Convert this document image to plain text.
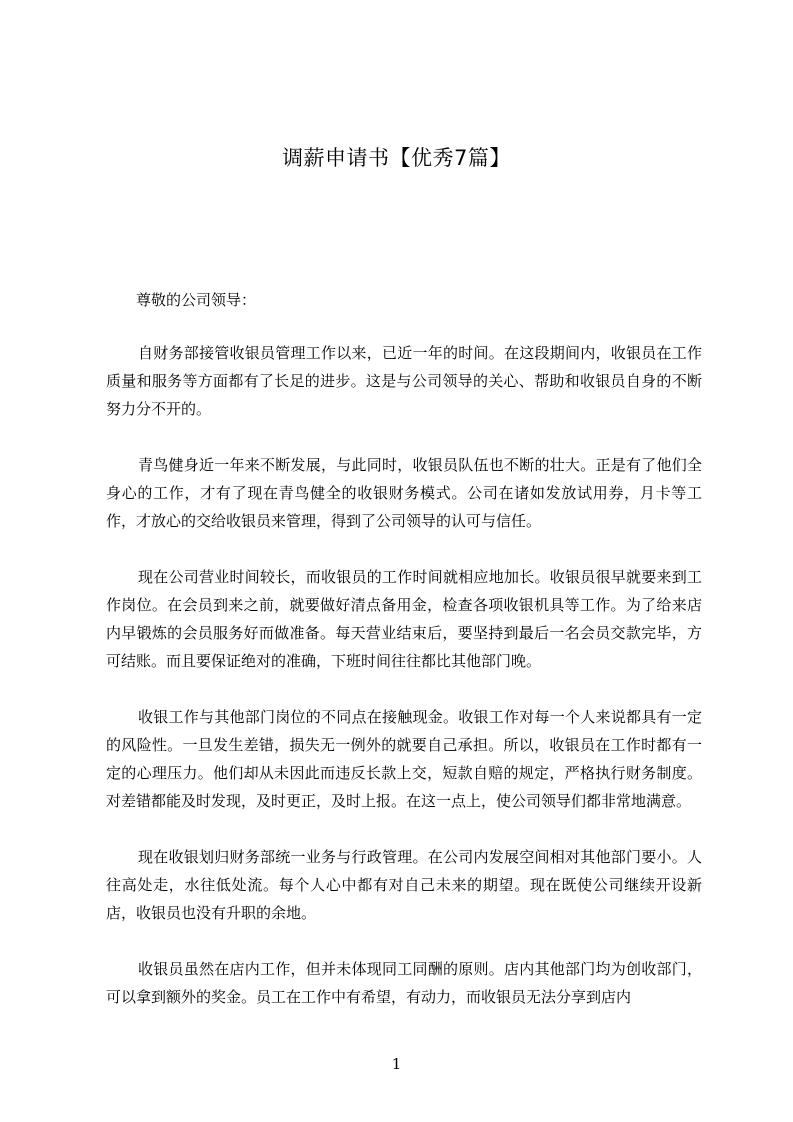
调薪申请书【优秀7篇】
尊敬的公司领导：

自财务部接管收银员管理工作以来，已近一年的时间。在这段期间内，收银员在工作质量和服务等方面都有了长足的进步。这是与公司领导的关心、帮助和收银员自身的不断努力分不开的。

青鸟健身近一年来不断发展，与此同时，收银员队伍也不断的壮大。正是有了他们全身心的工作，才有了现在青鸟健全的收银财务模式。公司在诸如发放试用券，月卡等工作，才放心的交给收银员来管理，得到了公司领导的认可与信任。

现在公司营业时间较长，而收银员的工作时间就相应地加长。收银员很早就要来到工作岗位。在会员到来之前，就要做好清点备用金，检查各项收银机具等工作。为了给来店内早锻炼的会员服务好而做准备。每天营业结束后，要坚持到最后一名会员交款完毕，方可结账。而且要保证绝对的准确，下班时间往往都比其他部门晚。

收银工作与其他部门岗位的不同点在接触现金。收银工作对每一个人来说都具有一定的风险性。一旦发生差错，损失无一例外的就要自己承担。所以，收银员在工作时都有一定的心理压力。他们却从未因此而违反长款上交，短款自赔的规定，严格执行财务制度。对差错都能及时发现，及时更正，及时上报。在这一点上，使公司领导们都非常地满意。

现在收银划归财务部统一业务与行政管理。在公司内发展空间相对其他部门要小。人往高处走，水往低处流。每个人心中都有对自己未来的期望。现在既使公司继续开设新店，收银员也没有升职的余地。

收银员虽然在店内工作，但并未体现同工同酬的原则。店内其他部门均为创收部门，可以拿到额外的奖金。员工在工作中有希望，有动力，而收银员无法分享到店内

1
